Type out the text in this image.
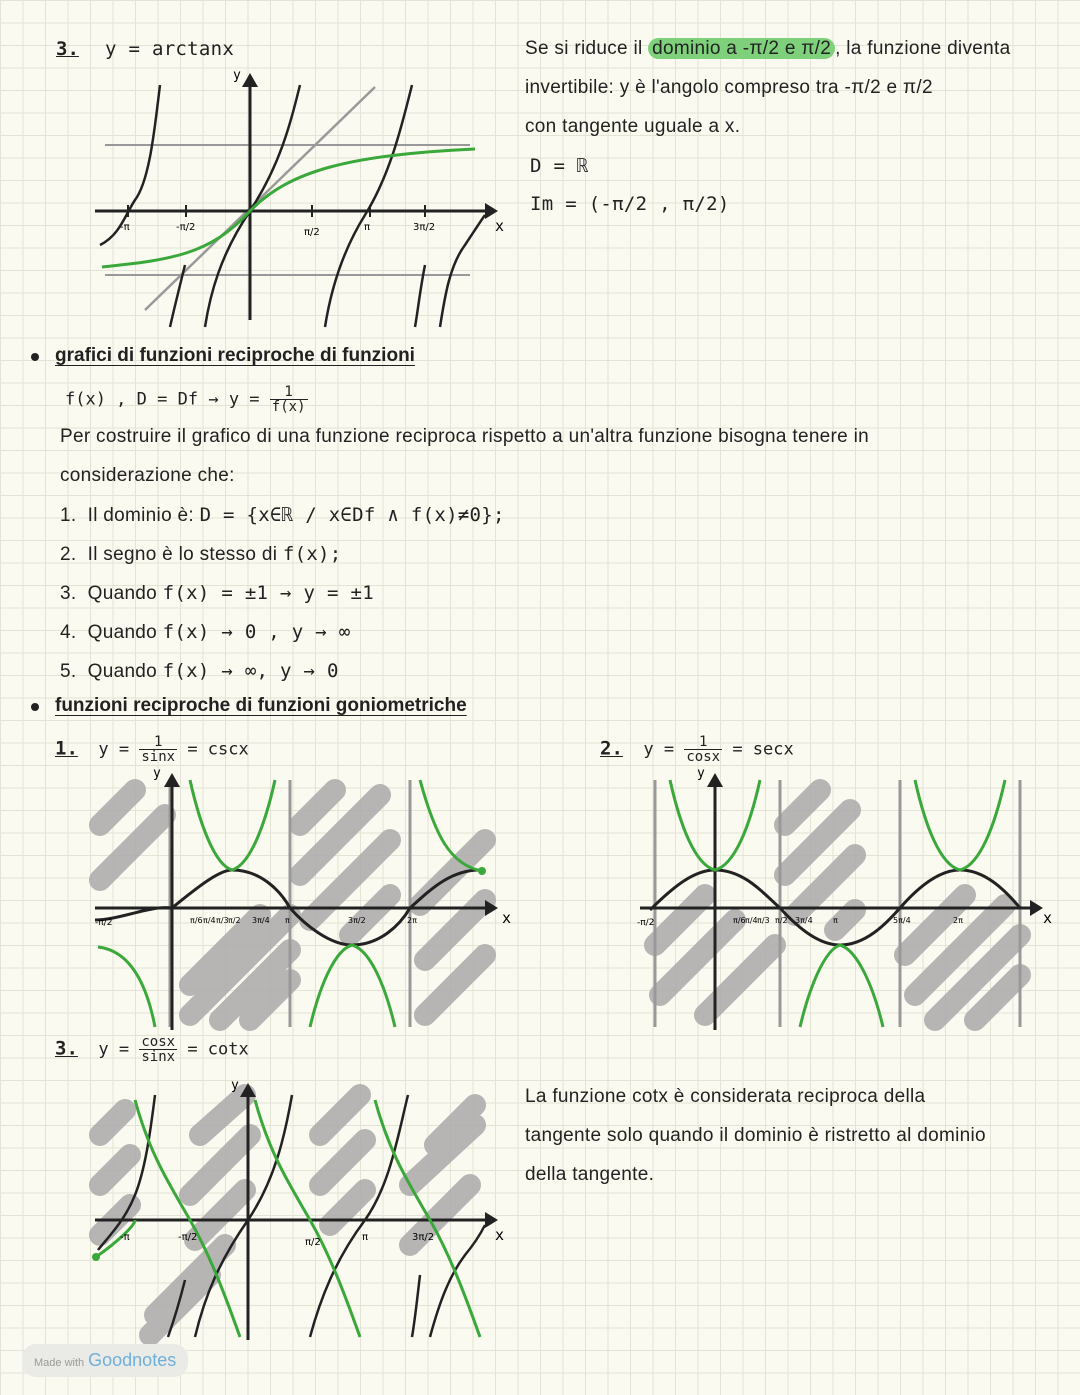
3. y = arctanx
-π	-π/2	π/2	π	3π/2
y
x
Se si riduce il dominio a -π/2 e π/2 , la funzione diventa
invertibile: y è l'angolo compreso tra -π/2 e π/2
con tangente uguale a x.
D = ℝ
Im = (-π/2 , π/2)
grafici di funzioni reciproche di funzioni
f(x) , $D = Df \to y = \frac{1}{f(x)}$
Per costruire il grafico di una funzione reciproca rispetto a un'altra funzione bisogna tenere in
considerazione che:
1. Il dominio è: D = {x∈ℝ / x∈Df ∧ f(x)≠0};
2. Il segno è lo stesso di f(x);
3. Quando f(x) = ±1 → y = ±1
4. Quando f(x) → 0 , y → ∞
5. Quando f(x) → ∞, y → 0
funzioni reciproche di funzioni goniometriche
1. $y = \frac{1}{\sin x} = \csc x$
-π/2	π/6 π/4 π/3 π/2 3π/4 π	3π/2	2π
y
x
2. $y = \frac{1}{\cos x} = \sec x$
-π/2	π/6 π/4 π/3 π/2 3π/4	π	5π/4	2π
y
x
3. $y = \frac{\cos x}{\sin x} = \cot x$
-π	-π/2	π/2	π	3π/2
y
x
La funzione cotx è considerata reciproca della
tangente solo quando il dominio è ristretto al dominio
della tangente.
Made with Goodnotes
